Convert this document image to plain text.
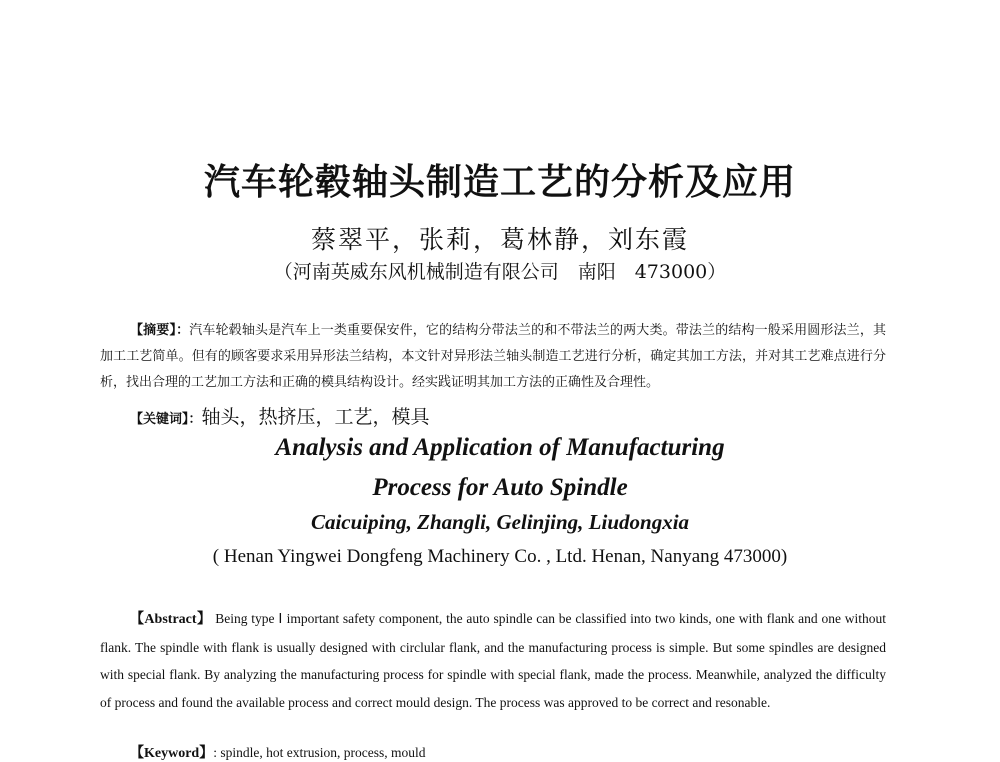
汽车轮毂轴头制造工艺的分析及应用
蔡翠平，张莉，葛林静，刘东霞
（河南英威东风机械制造有限公司　南阳　473000）
【摘要】：汽车轮毂轴头是汽车上一类重要保安件，它的结构分带法兰的和不带法兰的两大类。带法兰的结构一般采用圆形法兰，其加工工艺简单。但有的顾客要求采用异形法兰结构，本文针对异形法兰轴头制造工艺进行分析，确定其加工方法，并对其工艺难点进行分析，找出合理的工艺加工方法和正确的模具结构设计。经实践证明其加工方法的正确性及合理性。
【关键词】：轴头，热挤压，工艺，模具
Analysis and Application of Manufacturing
Process for Auto Spindle
Caicuiping, Zhangli, Gelinjing, Liudongxia
( Henan Yingwei Dongfeng Machinery Co. , Ltd. Henan, Nanyang 473000)
【Abstract】 Being type Ⅰ important safety component, the auto spindle can be classified into two kinds, one with flank and one without flank. The spindle with flank is usually designed with circlular flank, and the manufacturing process is simple. But some spindles are designed with special flank. By analyzing the manufacturing process for spindle with special flank, made the process. Meanwhile, analyzed the difficulty of process and found the available process and correct mould design. The process was approved to be correct and resonable.
【Keyword】: spindle, hot extrusion, process, mould
